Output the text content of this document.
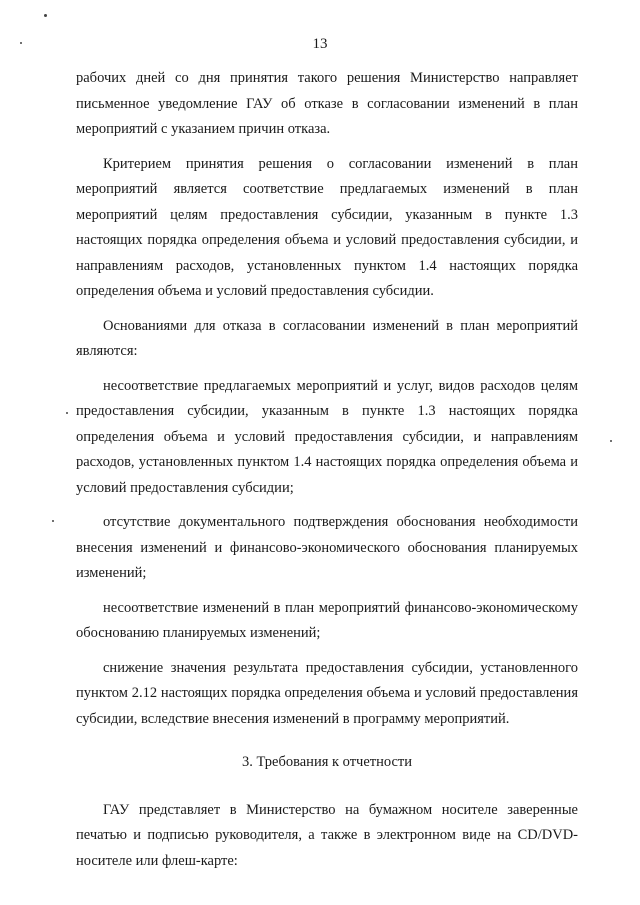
13

рабочих дней со дня принятия такого решения Министерство направляет письменное уведомление ГАУ об отказе в согласовании изменений в план мероприятий с указанием причин отказа.

Критерием принятия решения о согласовании изменений в план мероприятий является соответствие предлагаемых изменений в план мероприятий целям предоставления субсидии, указанным в пункте 1.3 настоящих порядка определения объема и условий предоставления субсидии, и направлениям расходов, установленных пунктом 1.4 настоящих порядка определения объема и условий предоставления субсидии.

Основаниями для отказа в согласовании изменений в план мероприятий являются:

несоответствие предлагаемых мероприятий и услуг, видов расходов целям предоставления субсидии, указанным в пункте 1.3 настоящих порядка определения объема и условий предоставления субсидии, и направлениям расходов, установленных пунктом 1.4 настоящих порядка определения объема и условий предоставления субсидии;

отсутствие документального подтверждения обоснования необходимости внесения изменений и финансово-экономического обоснования планируемых изменений;

несоответствие изменений в план мероприятий финансово-экономическому обоснованию планируемых изменений;

снижение значения результата предоставления субсидии, установленного пунктом 2.12 настоящих порядка определения объема и условий предоставления субсидии, вследствие внесения изменений в программу мероприятий.

3. Требования к отчетности

ГАУ представляет в Министерство на бумажном носителе заверенные печатью и подписью руководителя, а также в электронном виде на CD/DVD-носителе или флеш-карте:
